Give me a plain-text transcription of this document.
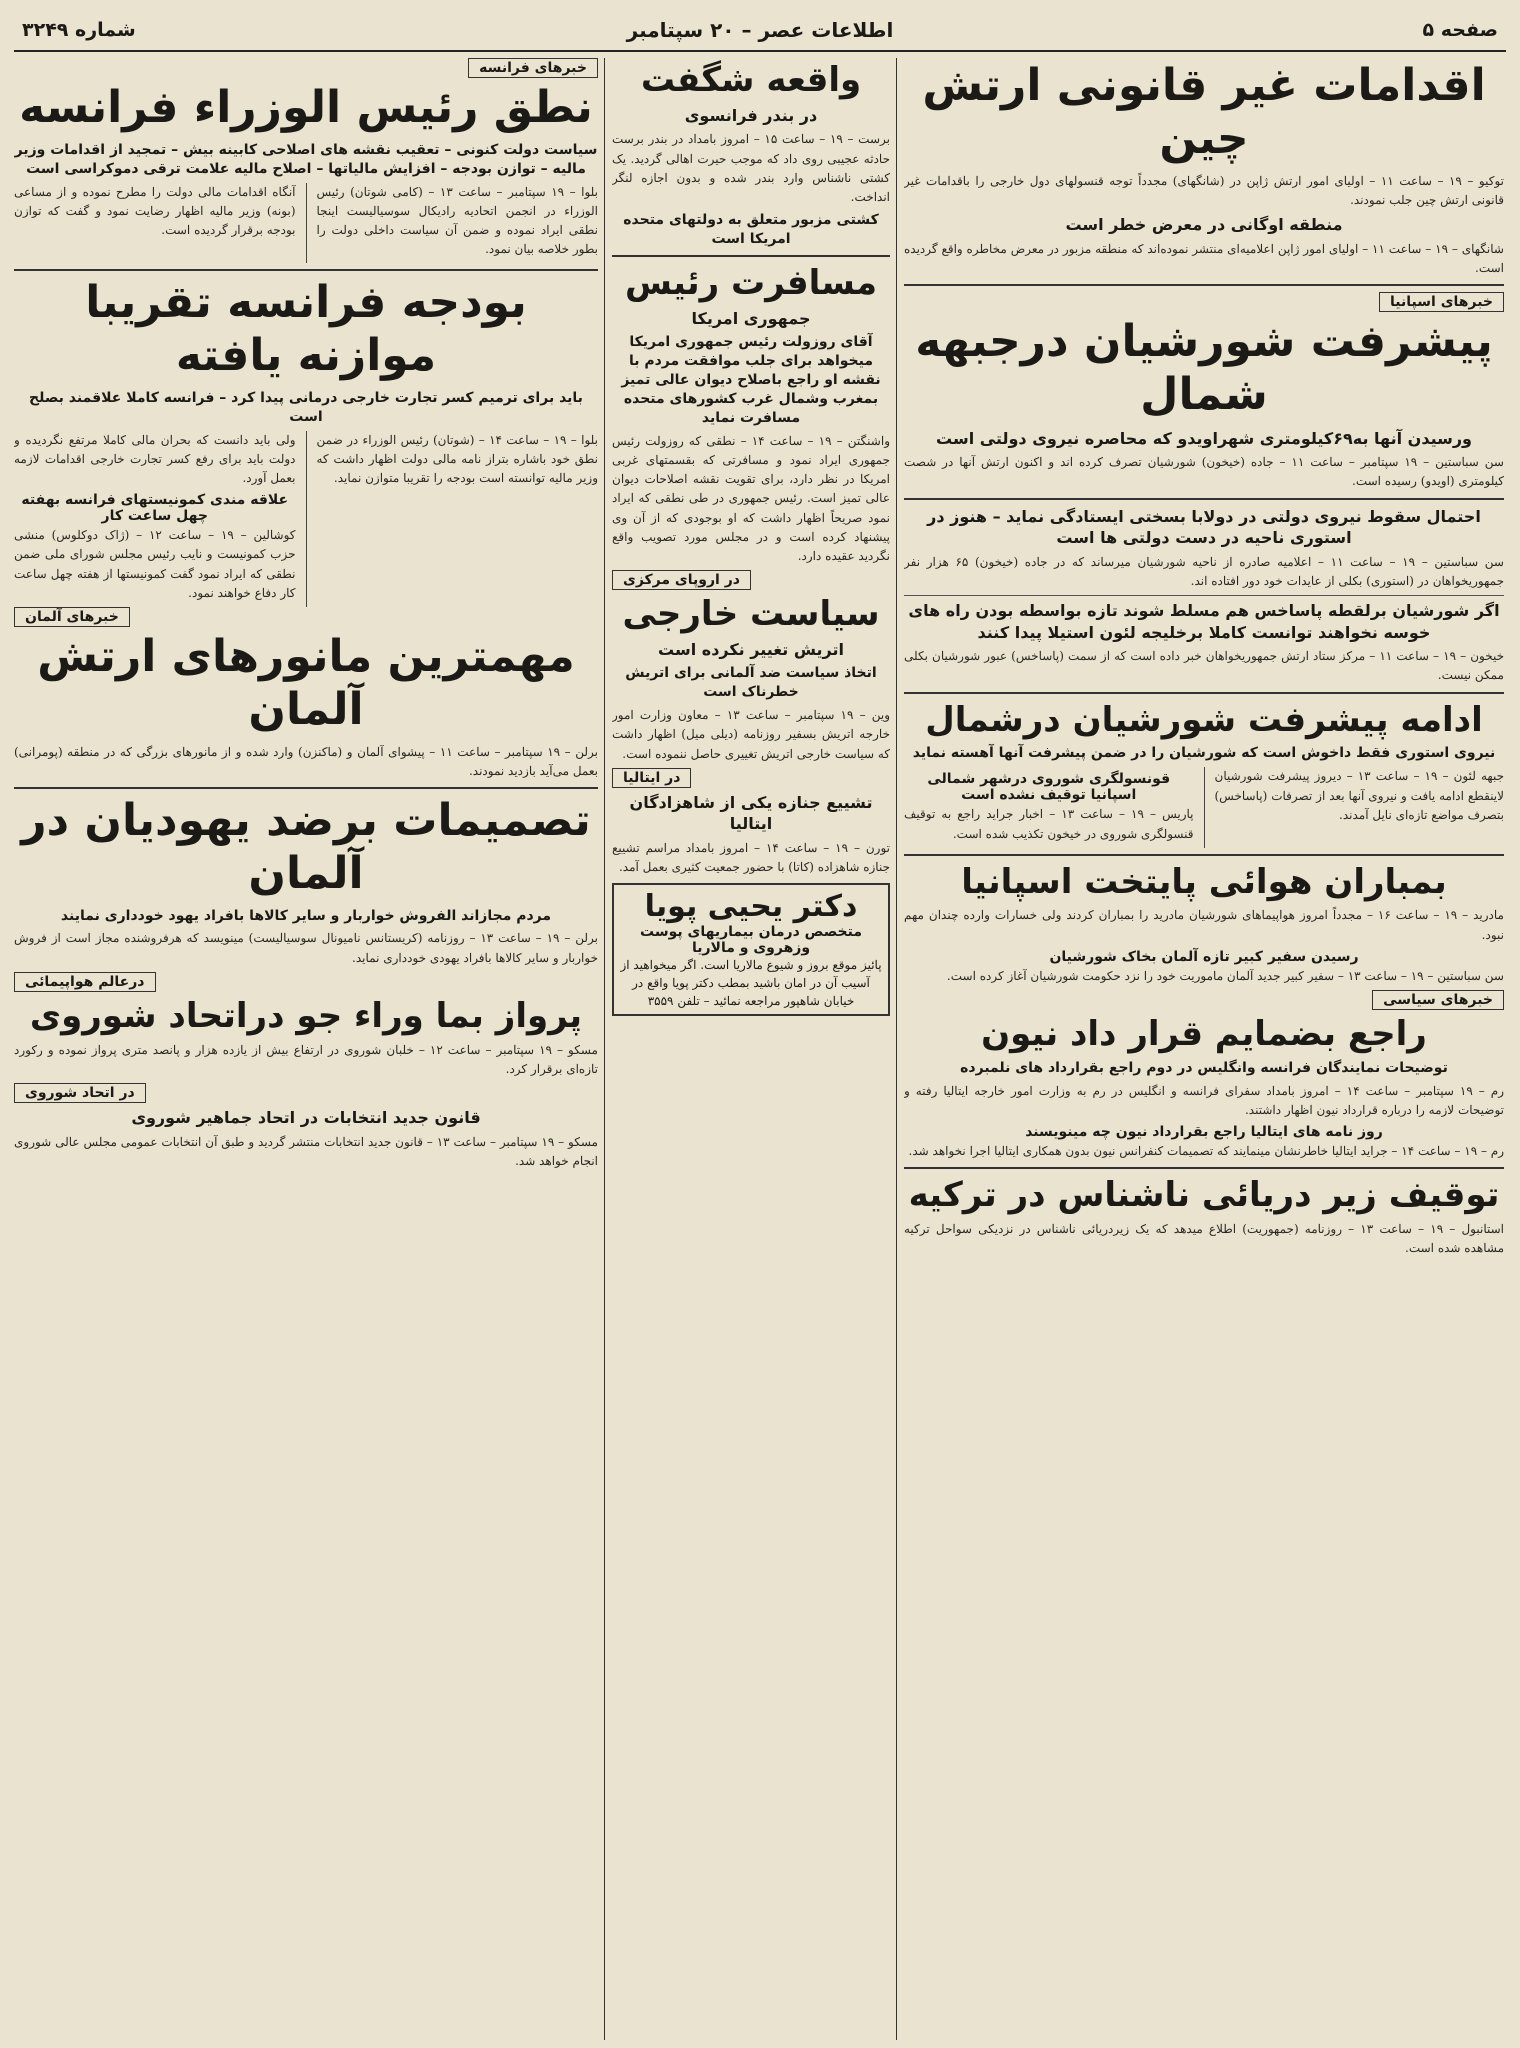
صفحه ۵
اطلاعات عصر – ۲۰ سپتامبر
شماره ۳۲۴۹
اقدامات غیر قانونی ارتش چین

توکیو – ۱۹ – ساعت ۱۱ – اولیای امور ارتش ژاپن در (شانگهای) مجدداً توجه قنسولهای دول خارجی را باقدامات غیر قانونی ارتش چین جلب نمودند.

منطقه اوگانی در معرض خطر است

شانگهای – ۱۹ – ساعت ۱۱ – اولیای امور ژاپن اعلامیه‌ای منتشر نموده‌اند که منطقه مزبور در معرض مخاطره واقع گردیده است.

خبرهای اسپانیا
پیشرفت شورشیان درجبهه شمال
ورسیدن آنها به۶۹کیلومتری شهراویدو که محاصره نیروی دولتی است

سن سباستین – ۱۹ سپتامبر – ساعت ۱۱ – جاده (خیخون) شورشیان تصرف کرده اند و اکنون ارتش آنها در شصت کیلومتری (اویدو) رسیده است.

احتمال سقوط نیروی دولتی در دولابا بسختی ایستادگی نماید – هنوز در استوری ناحیه در دست دولتی ها است

سن سباستین – ۱۹ – ساعت ۱۱ – اعلامیه صادره از ناحیه شورشیان میرساند که در جاده (خیخون) ۶۵ هزار نفر جمهوریخواهان در (استوری) بکلی از عایدات خود دور افتاده اند.

اگر شورشیان برلقطه پاساخس هم مسلط شوند تازه بواسطه بودن راه های خوسه نخواهند توانست کاملا برخلیجه لئون استیلا پیدا کنند

خیخون – ۱۹ – ساعت ۱۱ – مرکز ستاد ارتش جمهوریخواهان خبر داده است که از سمت (پاساخس) عبور شورشیان بکلی ممکن نیست.

ادامه پیشرفت شورشیان درشمال
نیروی استوری فقط داخوش است که شورشیان را در ضمن پیشرفت آنها آهسته نماید

جبهه لئون – ۱۹ – ساعت ۱۳ – دیروز پیشرفت شورشیان لاینقطع ادامه یافت و نیروی آنها بعد از تصرفات (پاساخس) بتصرف مواضع تازه‌ای نایل آمدند.

قونسولگری شوروی درشهر شمالی اسپانیا توقیف نشده است

پاریس – ۱۹ – ساعت ۱۳ – اخبار جراید راجع به توقیف قنسولگری شوروی در خیخون تکذیب شده است.

بمباران هوائی پایتخت اسپانیا

مادرید – ۱۹ – ساعت ۱۶ – مجدداً امروز هواپیماهای شورشیان مادرید را بمباران کردند ولی خسارات وارده چندان مهم نبود.

رسیدن سفیر کبیر تازه آلمان بخاک شورشیان

سن سباستین – ۱۹ – ساعت ۱۳ – سفیر کبیر جدید آلمان ماموریت خود را نزد حکومت شورشیان آغاز کرده است.

خبرهای سیاسی
راجع بضمایم قرار داد نیون
توضیحات نمایندگان فرانسه وانگلیس در دوم راجع بقرارداد های نلمبرده

رم – ۱۹ سپتامبر – ساعت ۱۴ – امروز بامداد سفرای فرانسه و انگلیس در رم به وزارت امور خارجه ایتالیا رفته و توضیحات لازمه را درباره قرارداد نیون اظهار داشتند.

روز نامه های ایتالیا راجع بقرارداد نیون چه مینویسند

رم – ۱۹ – ساعت ۱۴ – جراید ایتالیا خاطرنشان مینمایند که تصمیمات کنفرانس نیون بدون همکاری ایتالیا اجرا نخواهد شد.

توقیف زیر دریائی ناشناس در ترکیه

استانبول – ۱۹ – ساعت ۱۳ – روزنامه (جمهوریت) اطلاع میدهد که یک زیردریائی ناشناس در نزدیکی سواحل ترکیه مشاهده شده است.

واقعه شگفت
در بندر فرانسوی

برست – ۱۹ – ساعت ۱۵ – امروز بامداد در بندر برست حادثه عجیبی روی داد که موجب حیرت اهالی گردید. یک کشتی ناشناس وارد بندر شده و بدون اجازه لنگر انداخت.

کشتی مزبور متعلق به دولتهای متحده امریکا است
مسافرت رئیس
جمهوری امریکا
آقای روزولت رئیس جمهوری امریکا میخواهد برای جلب موافقت مردم با نقشه او راجع باصلاح دیوان عالی تمیز بمغرب وشمال غرب کشورهای متحده مسافرت نماید

واشنگتن – ۱۹ – ساعت ۱۴ – نطقی که روزولت رئیس جمهوری ایراد نمود و مسافرتی که بقسمتهای غربی امریکا در نظر دارد، برای تقویت نقشه اصلاحات دیوان عالی تمیز است. رئیس جمهوری در طی نطقی که ایراد نمود صریحاً اظهار داشت که او بوجودی که از آن وی پیشنهاد کرده است و در مجلس مورد تصویب واقع نگردید عقیده دارد.

در اروپای مرکزی
سیاست خارجی
اتریش تغییر نکرده است
اتخاذ سیاست ضد آلمانی برای اتریش خطرناک است

وین – ۱۹ سپتامبر – ساعت ۱۳ – معاون وزارت امور خارجه اتریش بسفیر روزنامه (دیلی میل) اظهار داشت که سیاست خارجی اتریش تغییری حاصل ننموده است.

در ایتالیا
تشییع جنازه یکی از شاهزادگان ایتالیا

تورن – ۱۹ – ساعت ۱۴ – امروز بامداد مراسم تشییع جنازه شاهزاده (کاتا) با حضور جمعیت کثیری بعمل آمد.

دکتر یحیی پویا
متخصص درمان بیماریهای پوست وزهروی و مالاریا
پائیز موقع بروز و شیوع مالاریا است. اگر میخواهید از آسیب آن در امان باشید بمطب دکتر پویا واقع در خیابان شاهپور مراجعه نمائید – تلفن ۳۵۵۹
خبرهای فرانسه
نطق رئیس الوزراء فرانسه
سیاست دولت کنونی – تعقیب نقشه های اصلاحی کابینه بیش – تمجید از اقدامات وزیر مالیه – توازن بودجه – افزایش مالیاتها – اصلاح مالیه علامت ترقی دموکراسی است

بلوا – ۱۹ سپتامبر – ساعت ۱۳ – (کامی شوتان) رئیس الوزراء در انجمن اتحادیه رادیکال سوسیالیست اینجا نطقی ایراد نموده و ضمن آن سیاست داخلی دولت را بطور خلاصه بیان نمود.

آنگاه اقدامات مالی دولت را مطرح نموده و از مساعی (بونه) وزیر مالیه اظهار رضایت نمود و گفت که توازن بودجه برقرار گردیده است.

بودجه فرانسه تقریبا موازنه یافته
باید برای ترمیم کسر تجارت خارجی درمانی پیدا کرد – فرانسه کاملا علاقمند بصلح است

بلوا – ۱۹ – ساعت ۱۴ – (شوتان) رئیس الوزراء در ضمن نطق خود باشاره بتراز نامه مالی دولت اظهار داشت که وزیر مالیه توانسته است بودجه را تقریبا متوازن نماید.

ولی باید دانست که بحران مالی کاملا مرتفع نگردیده و دولت باید برای رفع کسر تجارت خارجی اقدامات لازمه بعمل آورد.

علاقه مندی کمونیستهای فرانسه بهفته چهل ساعت کار

کوشالین – ۱۹ – ساعت ۱۲ – (ژاک دوکلوس) منشی حزب کمونیست و نایب رئیس مجلس شورای ملی ضمن نطقی که ایراد نمود گفت کمونیستها از هفته چهل ساعت کار دفاع خواهند نمود.

خبرهای آلمان
مهمترین مانورهای ارتش آلمان

برلن – ۱۹ سپتامبر – ساعت ۱۱ – پیشوای آلمان و (ماکنزن) وارد شده و از مانورهای بزرگی که در منطقه (پومرانی) بعمل می‌آید بازدید نمودند.

تصمیمات برضد یهودیان در آلمان
مردم مجازاند الفروش خواربار و سایر کالاها بافراد یهود خودداری نمایند

برلن – ۱۹ – ساعت ۱۳ – روزنامه (کریستانس نامیونال سوسیالیست) مینویسد که هرفروشنده مجاز است از فروش خواربار و سایر کالاها بافراد یهودی خودداری نماید.

درعالم هواپیمائی
پرواز بما وراء جو دراتحاد شوروی

مسکو – ۱۹ سپتامبر – ساعت ۱۲ – خلبان شوروی در ارتفاع بیش از یازده هزار و پانصد متری پرواز نموده و رکورد تازه‌ای برقرار کرد.

در اتحاد شوروی
قانون جدید انتخابات در اتحاد جماهیر شوروی

مسکو – ۱۹ سپتامبر – ساعت ۱۳ – قانون جدید انتخابات منتشر گردید و طبق آن انتخابات عمومی مجلس عالی شوروی انجام خواهد شد.
